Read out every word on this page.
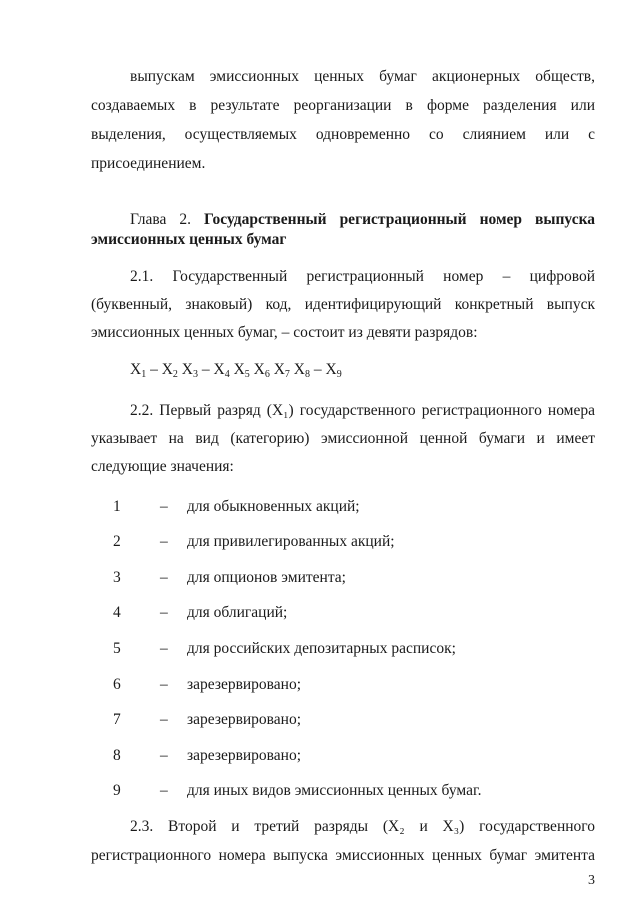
выпускам эмиссионных ценных бумаг акционерных обществ,
создаваемых в результате реорганизации в форме разделения или
выделения, осуществляемых одновременно со слиянием или с
присоединением.
Глава 2. Государственный регистрационный номер выпуска
эмиссионных ценных бумаг
2.1. Государственный регистрационный номер – цифровой
(буквенный, знаковый) код, идентифицирующий конкретный выпуск
эмиссионных ценных бумаг, – состоит из девяти разрядов:
$X_1 - X_2$ $X_3 - X_4$ $X_5$ $X_6$ $X_7$ $X_8 - X_9$
2.2. Первый разряд (X₁) государственного регистрационного номера
указывает на вид (категорию) эмиссионной ценной бумаги и имеет
следующие значения:
1	– для обыкновенных акций;
2	– для привилегированных акций;
3	– для опционов эмитента;
4	– для облигаций;
5	– для российских депозитарных расписок;
6	– зарезервировано;
7	– зарезервировано;
8	– зарезервировано;
9	– для иных видов эмиссионных ценных бумаг.
2.3. Второй и третий разряды (X₂ и X₃) государственного
регистрационного номера выпуска эмиссионных ценных бумаг эмитента
3
